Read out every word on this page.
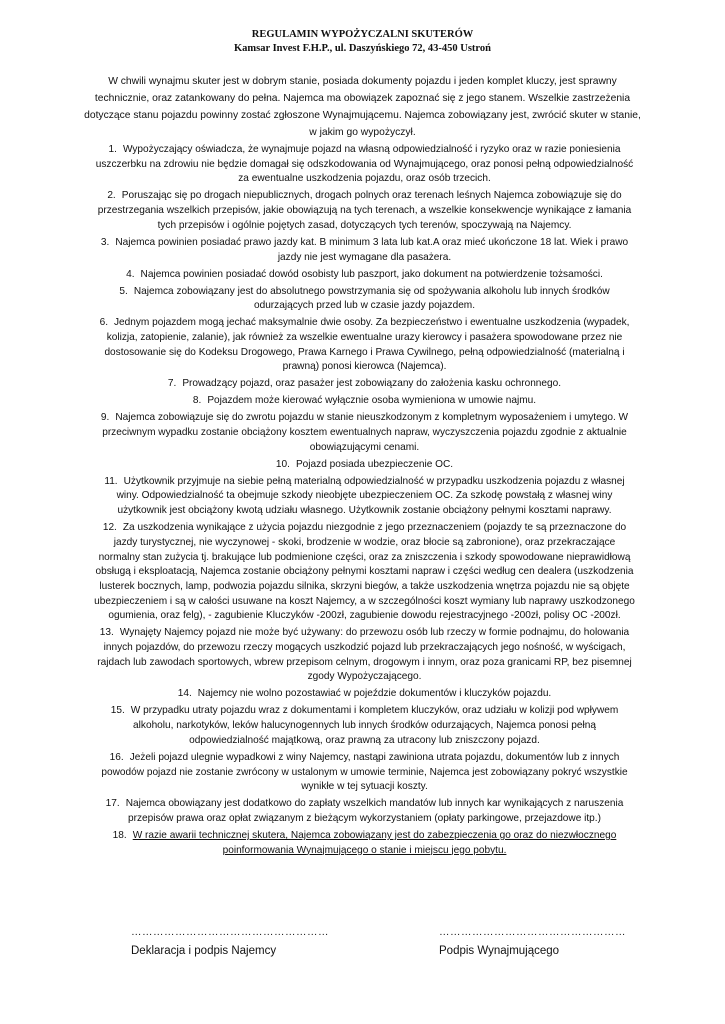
REGULAMIN WYPOŻYCZALNI SKUTERÓW
Kamsar Invest F.H.P., ul. Daszyńskiego 72, 43-450 Ustroń
W chwili wynajmu skuter jest w dobrym stanie, posiada dokumenty pojazdu i jeden komplet kluczy, jest sprawny technicznie, oraz zatankowany do pełna. Najemca ma obowiązek zapoznać się z jego stanem. Wszelkie zastrzeżenia dotyczące stanu pojazdu powinny zostać zgłoszone Wynajmującemu. Najemca zobowiązany jest, zwrócić skuter w stanie, w jakim go wypożyczył.
1. Wypożyczający oświadcza, że wynajmuje pojazd na własną odpowiedzialność i ryzyko oraz w razie poniesienia uszczerbku na zdrowiu nie będzie domagał się odszkodowania od Wynajmującego, oraz ponosi pełną odpowiedzialność za ewentualne uszkodzenia pojazdu, oraz osób trzecich.
2. Poruszając się po drogach niepublicznych, drogach polnych oraz terenach leśnych Najemca zobowiązuje się do przestrzegania wszelkich przepisów, jakie obowiązują na tych terenach, a wszelkie konsekwencje wynikające z łamania tych przepisów i ogólnie pojętych zasad, dotyczących tych terenów, spoczywają na Najemcy.
3. Najemca powinien posiadać prawo jazdy kat. B minimum 3 lata lub kat.A oraz mieć ukończone 18 lat. Wiek i prawo jazdy nie jest wymagane dla pasażera.
4. Najemca powinien posiadać dowód osobisty lub paszport, jako dokument na potwierdzenie tożsamości.
5. Najemca zobowiązany jest do absolutnego powstrzymania się od spożywania alkoholu lub innych środków odurzających przed lub w czasie jazdy pojazdem.
6. Jednym pojazdem mogą jechać maksymalnie dwie osoby. Za bezpieczeństwo i ewentualne uszkodzenia (wypadek, kolizja, zatopienie, zalanie), jak również za wszelkie ewentualne urazy kierowcy i pasażera spowodowane przez nie dostosowanie się do Kodeksu Drogowego, Prawa Karnego i Prawa Cywilnego, pełną odpowiedzialność (materialną i prawną) ponosi kierowca (Najemca).
7. Prowadzący pojazd, oraz pasażer jest zobowiązany do założenia kasku ochronnego.
8. Pojazdem może kierować wyłącznie osoba wymieniona w umowie najmu.
9. Najemca zobowiązuje się do zwrotu pojazdu w stanie nieuszkodzonym z kompletnym wyposażeniem i umytego. W przeciwnym wypadku zostanie obciążony kosztem ewentualnych napraw, wyczyszczenia pojazdu zgodnie z aktualnie obowiązującymi cenami.
10. Pojazd posiada ubezpieczenie OC.
11. Użytkownik przyjmuje na siebie pełną materialną odpowiedzialność w przypadku uszkodzenia pojazdu z własnej winy. Odpowiedzialność ta obejmuje szkody nieobjęte ubezpieczeniem OC. Za szkodę powstałą z własnej winy użytkownik jest obciążony kwotą udziału własnego. Użytkownik zostanie obciążony pełnymi kosztami naprawy.
12. Za uszkodzenia wynikające z użycia pojazdu niezgodnie z jego przeznaczeniem (pojazdy te są przeznaczone do jazdy turystycznej, nie wyczynowej - skoki, brodzenie w wodzie, oraz błocie są zabronione), oraz przekraczające normalny stan zużycia tj. brakujące lub podmienione części, oraz za zniszczenia i szkody spowodowane nieprawidłową obsługą i eksploatacją, Najemca zostanie obciążony pełnymi kosztami napraw i części według cen dealera (uszkodzenia lusterek bocznych, lamp, podwozia pojazdu silnika, skrzyni biegów, a także uszkodzenia wnętrza pojazdu nie są objęte ubezpieczeniem i są w całości usuwane na koszt Najemcy, a w szczególności koszt wymiany lub naprawy uszkodzonego ogumienia, oraz felg), - zagubienie Kluczyków -200zł, zagubienie dowodu rejestracyjnego -200zł, polisy OC -200zł.
13. Wynajęty Najemcy pojazd nie może być używany: do przewozu osób lub rzeczy w formie podnajmu, do holowania innych pojazdów, do przewozu rzeczy mogących uszkodzić pojazd lub przekraczających jego nośność, w wyścigach, rajdach lub zawodach sportowych, wbrew przepisom celnym, drogowym i innym, oraz poza granicami RP, bez pisemnej zgody Wypożyczającego.
14. Najemcy nie wolno pozostawiać w pojeździe dokumentów i kluczyków pojazdu.
15. W przypadku utraty pojazdu wraz z dokumentami i kompletem kluczyków, oraz udziału w kolizji pod wpływem alkoholu, narkotyków, leków halucynogennych lub innych środków odurzających, Najemca ponosi pełną odpowiedzialność majątkową, oraz prawną za utracony lub zniszczony pojazd.
16. Jeżeli pojazd ulegnie wypadkowi z winy Najemcy, nastąpi zawiniona utrata pojazdu, dokumentów lub z innych powodów pojazd nie zostanie zwrócony w ustalonym w umowie terminie, Najemca jest zobowiązany pokryć wszystkie wynikłe w tej sytuacji koszty.
17. Najemca obowiązany jest dodatkowo do zapłaty wszelkich mandatów lub innych kar wynikających z naruszenia przepisów prawa oraz opłat związanym z bieżącym wykorzystaniem (opłaty parkingowe, przejazdowe itp.)
18. W razie awarii technicznej skutera, Najemca zobowiązany jest do zabezpieczenia go oraz do niezwłocznego poinformowania Wynajmującego o stanie i miejscu jego pobytu.
………………………………………………
Deklaracja i podpis Najemcy
……………………………………………
Podpis Wynajmującego
